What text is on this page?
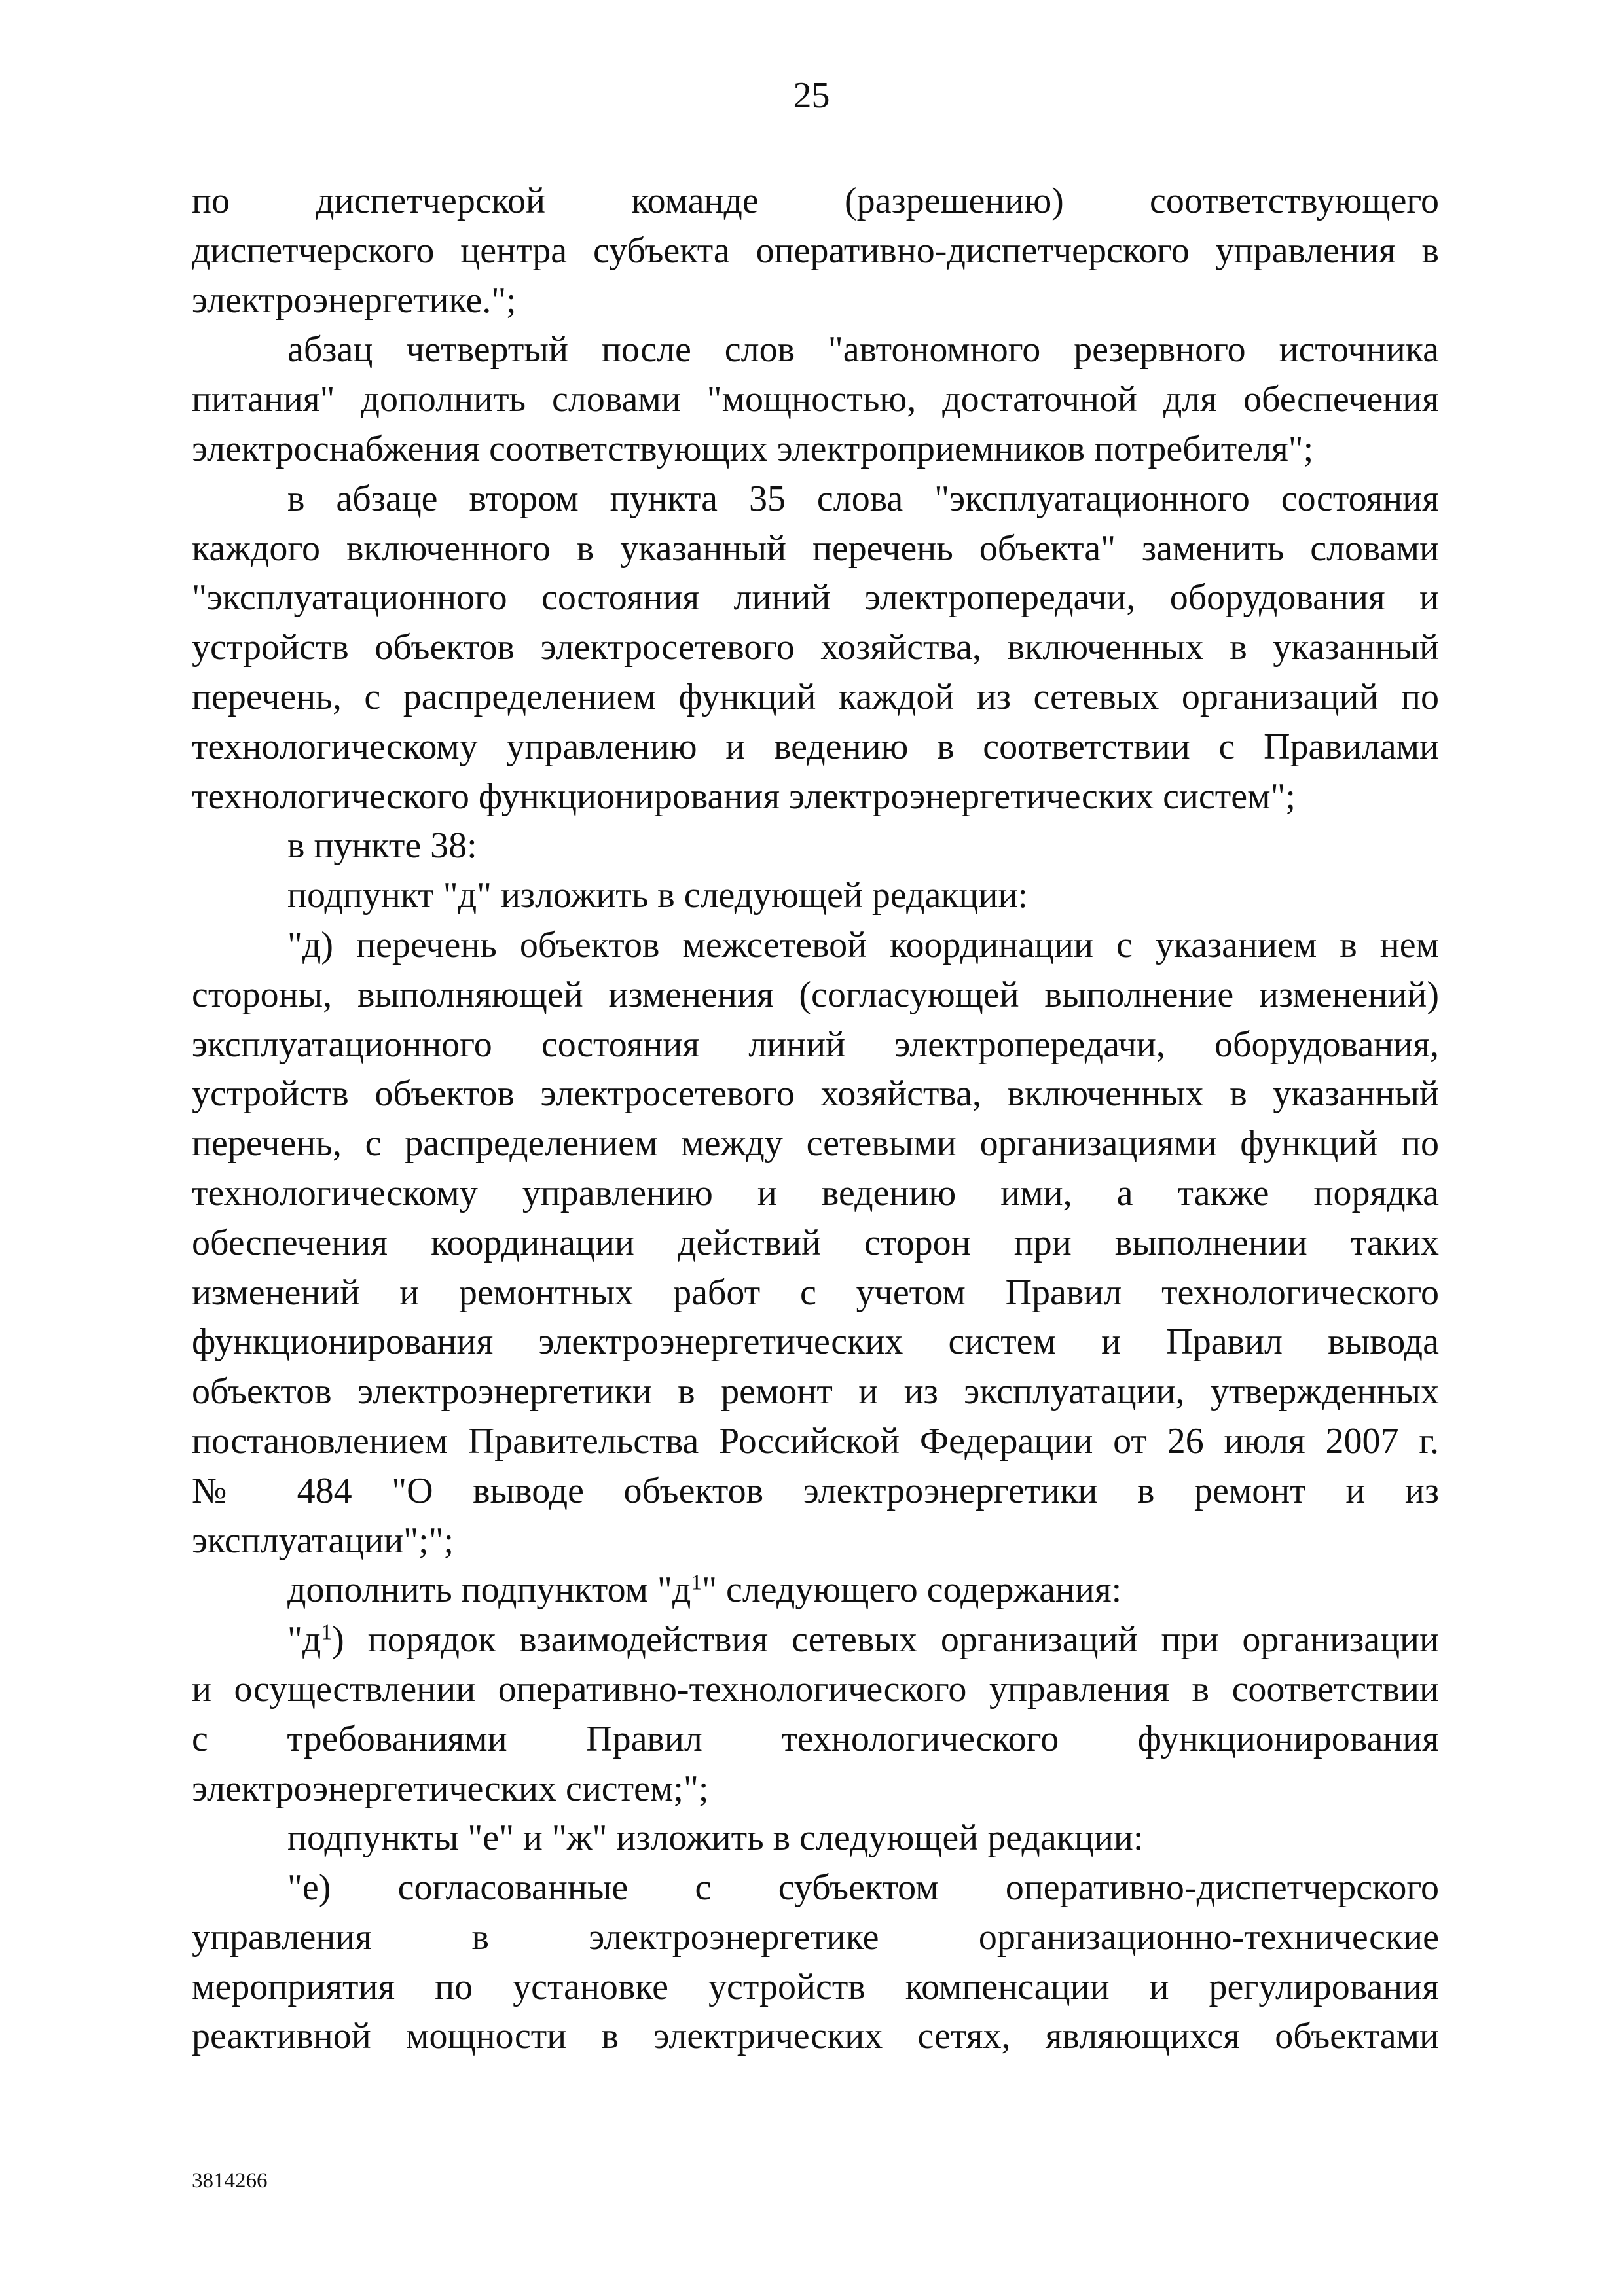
25
по диспетчерской команде (разрешению) соответствующего
диспетчерского центра субъекта оперативно-диспетчерского управления в
электроэнергетике.";
абзац четвертый после слов "автономного резервного источника
питания" дополнить словами "мощностью, достаточной для обеспечения
электроснабжения соответствующих электроприемников потребителя";
в абзаце втором пункта 35 слова "эксплуатационного состояния
каждого включенного в указанный перечень объекта" заменить словами
"эксплуатационного состояния линий электропередачи, оборудования и
устройств объектов электросетевого хозяйства, включенных в указанный
перечень, с распределением функций каждой из сетевых организаций по
технологическому управлению и ведению в соответствии с Правилами
технологического функционирования электроэнергетических систем";
в пункте 38:
подпункт "д" изложить в следующей редакции:
"д) перечень объектов межсетевой координации с указанием в нем
стороны, выполняющей изменения (согласующей выполнение изменений)
эксплуатационного состояния линий электропередачи, оборудования,
устройств объектов электросетевого хозяйства, включенных в указанный
перечень, с распределением между сетевыми организациями функций по
технологическому управлению и ведению ими, а также порядка
обеспечения координации действий сторон при выполнении таких
изменений и ремонтных работ с учетом Правил технологического
функционирования электроэнергетических систем и Правил вывода
объектов электроэнергетики в ремонт и из эксплуатации, утвержденных
постановлением Правительства Российской Федерации от 26 июля 2007 г.
№ 484 "О выводе объектов электроэнергетики в ремонт и из
эксплуатации";";
дополнить подпунктом "$д^1$" следующего содержания:
"$д^1$) порядок взаимодействия сетевых организаций при организации
и осуществлении оперативно-технологического управления в соответствии
с требованиями Правил технологического функционирования
электроэнергетических систем;";
подпункты "е" и "ж" изложить в следующей редакции:
"е) согласованные с субъектом оперативно-диспетчерского
управления в электроэнергетике организационно-технические
мероприятия по установке устройств компенсации и регулирования
реактивной мощности в электрических сетях, являющихся объектами
3814266
